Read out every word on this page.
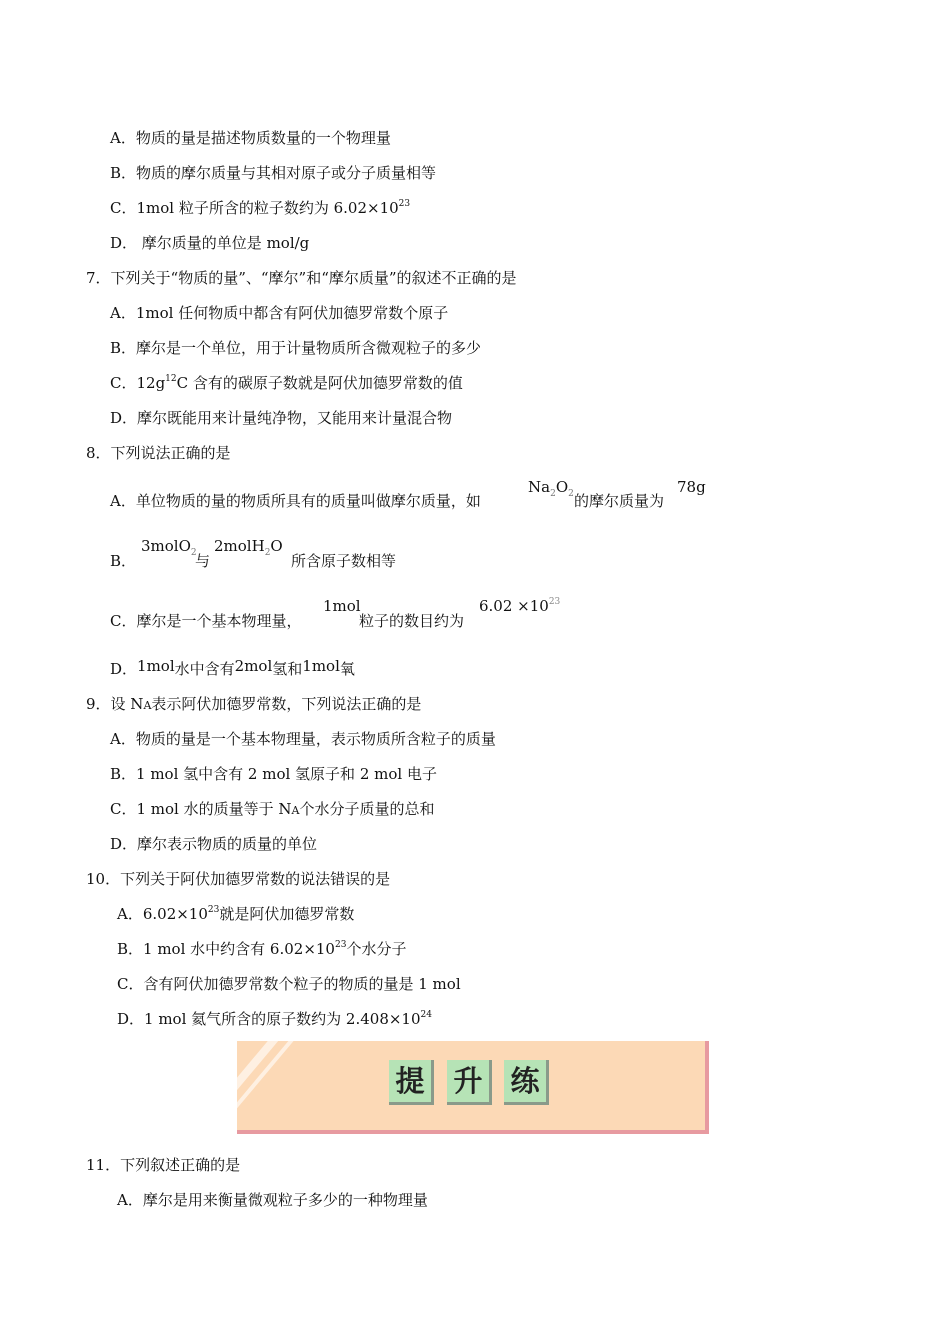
A．物质的量是描述物质数量的一个物理量
B．物质的摩尔质量与其相对原子或分子质量相等
C．1mol 粒子所含的粒子数约为 $6.02\times 10^{23}$
D． 摩尔质量的单位是 mol/g
7．下列关于“物质的量”、“摩尔”和“摩尔质量”的叙述不正确的是
A．1mol 任何物质中都含有阿伏加德罗常数个原子
B．摩尔是一个单位，用于计量物质所含微观粒子的多少
C．$12g^{12}C$ 含有的碳原子数就是阿伏加德罗常数的值
D．摩尔既能用来计量纯净物，又能用来计量混合物
8．下列说法正确的是
A．单位物质的量的物质所具有的质量叫做摩尔质量，如
$Na_2O_2$ 的摩尔质量为
78g
B．
3molO$_2$
与
2molH$_2$O
所含原子数相等
C．摩尔是一个基本物理量，
1mol
粒子的数目约为
$6.02 \times 10^{23}$
D．1mol水中含有2mol氢和1mol氧
9．设 NA表示阿伏加德罗常数，下列说法正确的是
A．物质的量是一个基本物理量，表示物质所含粒子的质量
B．1 mol 氢中含有 2 mol 氢原子和 2 mol 电子
C．1 mol 水的质量等于 NA个水分子质量的总和
D．摩尔表示物质的质量的单位
10．下列关于阿伏加德罗常数的说法错误的是
A．$6.02\times 10^{23}$就是阿伏加德罗常数
B．1 mol 水中约含有 $6.02\times 10^{23}$个水分子
C．含有阿伏加德罗常数个粒子的物质的量是 1 mol
D．1 mol 氦气所含的原子数约为 $2.408\times 10^{24}$
提 升 练
11．下列叙述正确的是
A．摩尔是用来衡量微观粒子多少的一种物理量
